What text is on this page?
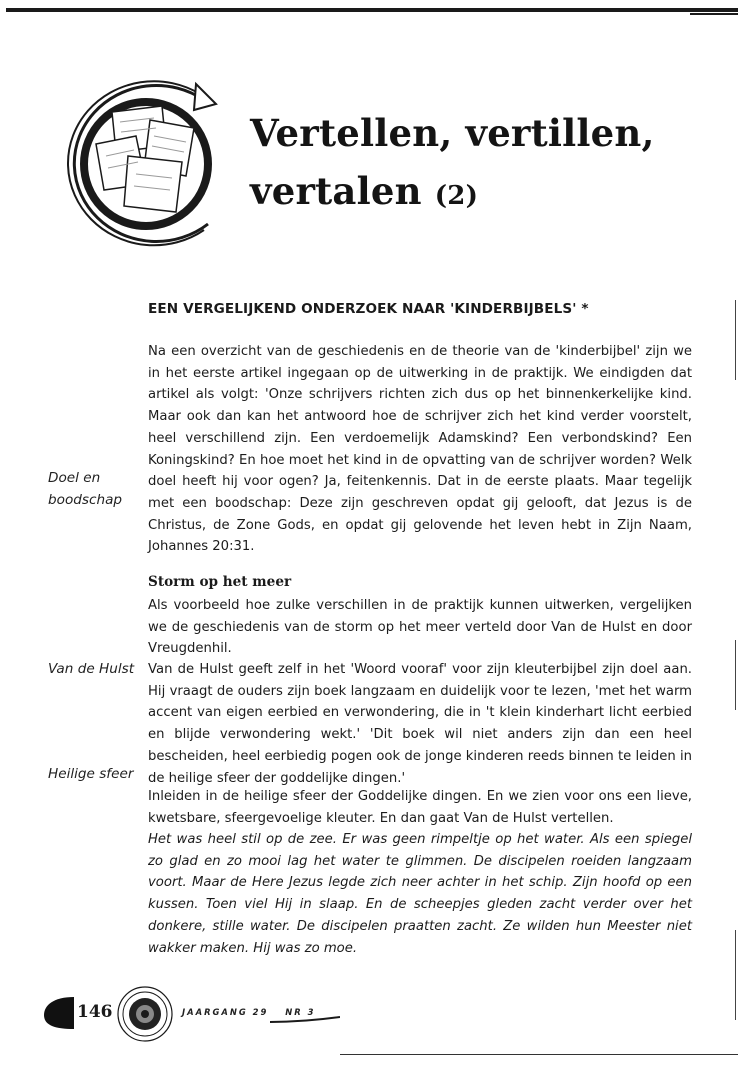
Vertellen, vertillen,
vertalen (2)
EEN VERGELIJKEND ONDERZOEK NAAR 'KINDERBIJBELS' *

Na een overzicht van de geschiedenis en de theorie van de 'kinderbijbel' zijn we in het eerste artikel ingegaan op de uitwerking in de praktijk. We eindigden dat artikel als volgt: 'Onze schrijvers richten zich dus op het binnenkerkelijke kind. Maar ook dan kan het antwoord hoe de schrijver zich het kind verder voorstelt, heel verschillend zijn. Een verdoemelijk Adamskind? Een verbondskind? Een Koningskind? En hoe moet het kind in de opvatting van de schrijver worden? Welk doel heeft hij voor ogen? Ja, feitenkennis. Dat in de eerste plaats. Maar tegelijk met een boodschap: Deze zijn geschreven opdat gij gelooft, dat Jezus is de Christus, de Zone Gods, en opdat gij gelovende het leven hebt in Zijn Naam, Johannes 20:31.

Doel en boodschap

Storm op het meer

Als voorbeeld hoe zulke verschillen in de praktijk kunnen uitwerken, vergelijken we de geschiedenis van de storm op het meer verteld door Van de Hulst en door Vreugdenhil.

Van de Hulst Van de Hulst geeft zelf in het 'Woord vooraf' voor zijn kleuterbijbel zijn doel aan. Hij vraagt de ouders zijn boek langzaam en duidelijk voor te lezen, 'met het warm accent van eigen eerbied en verwondering, die in 't klein kinderhart licht eerbied en blijde verwondering wekt.' 'Dit boek wil niet anders zijn dan een heel bescheiden, heel eerbiedig pogen ook de jonge kinderen reeds binnen te leiden in de heilige sfeer der goddelijke dingen.'

Heilige sfeer

Inleiden in de heilige sfeer der Goddelijke dingen. En we zien voor ons een lieve, kwetsbare, sfeergevoelige kleuter. En dan gaat Van de Hulst vertellen.

Het was heel stil op de zee. Er was geen rimpeltje op het water. Als een spiegel zo glad en zo mooi lag het water te glimmen. De discipelen roeiden langzaam voort. Maar de Here Jezus legde zich neer achter in het schip. Zijn hoofd op een kussen. Toen viel Hij in slaap. En de scheepjes gleden zacht verder over het donkere, stille water. De discipelen praatten zacht. Ze wilden hun Meester niet wakker maken. Hij was zo moe.

146	JAARGANG 29 NR 3
